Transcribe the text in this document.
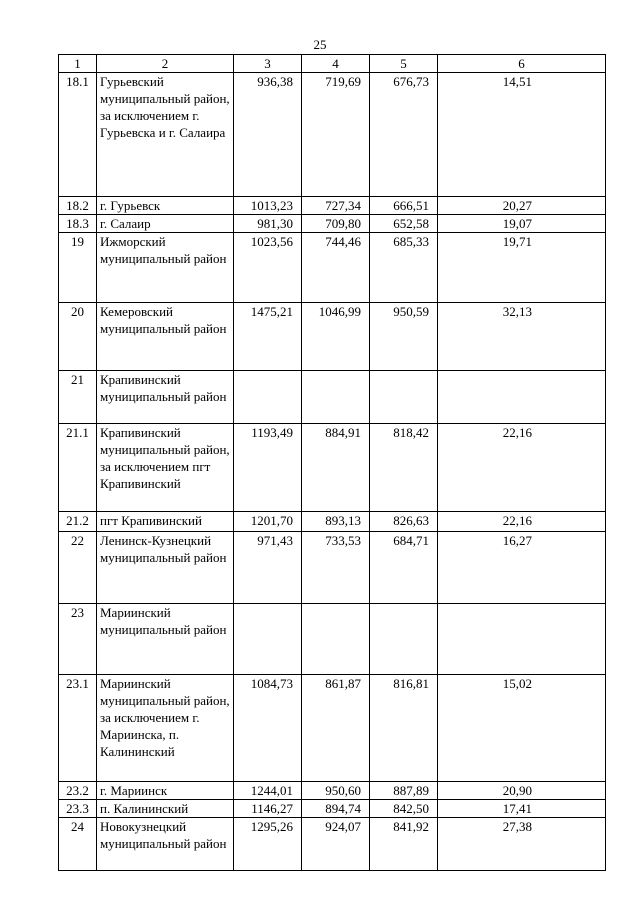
25
1	2	3	4	5	6
18.1	Гурьевский муниципальный район, за исключением г. Гурьевска и г. Салаира	936,38	719,69	676,73	14,51
18.2	г. Гурьевск	1013,23	727,34	666,51	20,27
18.3	г. Салаир	981,30	709,80	652,58	19,07
19	Ижморский муниципальный район	1023,56	744,46	685,33	19,71
20	Кемеровский муниципальный район	1475,21	1046,99	950,59	32,13
21	Крапивинский муниципальный район				
21.1	Крапивинский муниципальный район, за исключением пгт Крапивинский	1193,49	884,91	818,42	22,16
21.2	пгт Крапивинский	1201,70	893,13	826,63	22,16
22	Ленинск-Кузнецкий муниципальный район	971,43	733,53	684,71	16,27
23	Мариинский муниципальный район				
23.1	Мариинский муниципальный район, за исключением г. Мариинска, п. Калининский	1084,73	861,87	816,81	15,02
23.2	г. Мариинск	1244,01	950,60	887,89	20,90
23.3	п. Калининский	1146,27	894,74	842,50	17,41
24	Новокузнецкий муниципальный район	1295,26	924,07	841,92	27,38
